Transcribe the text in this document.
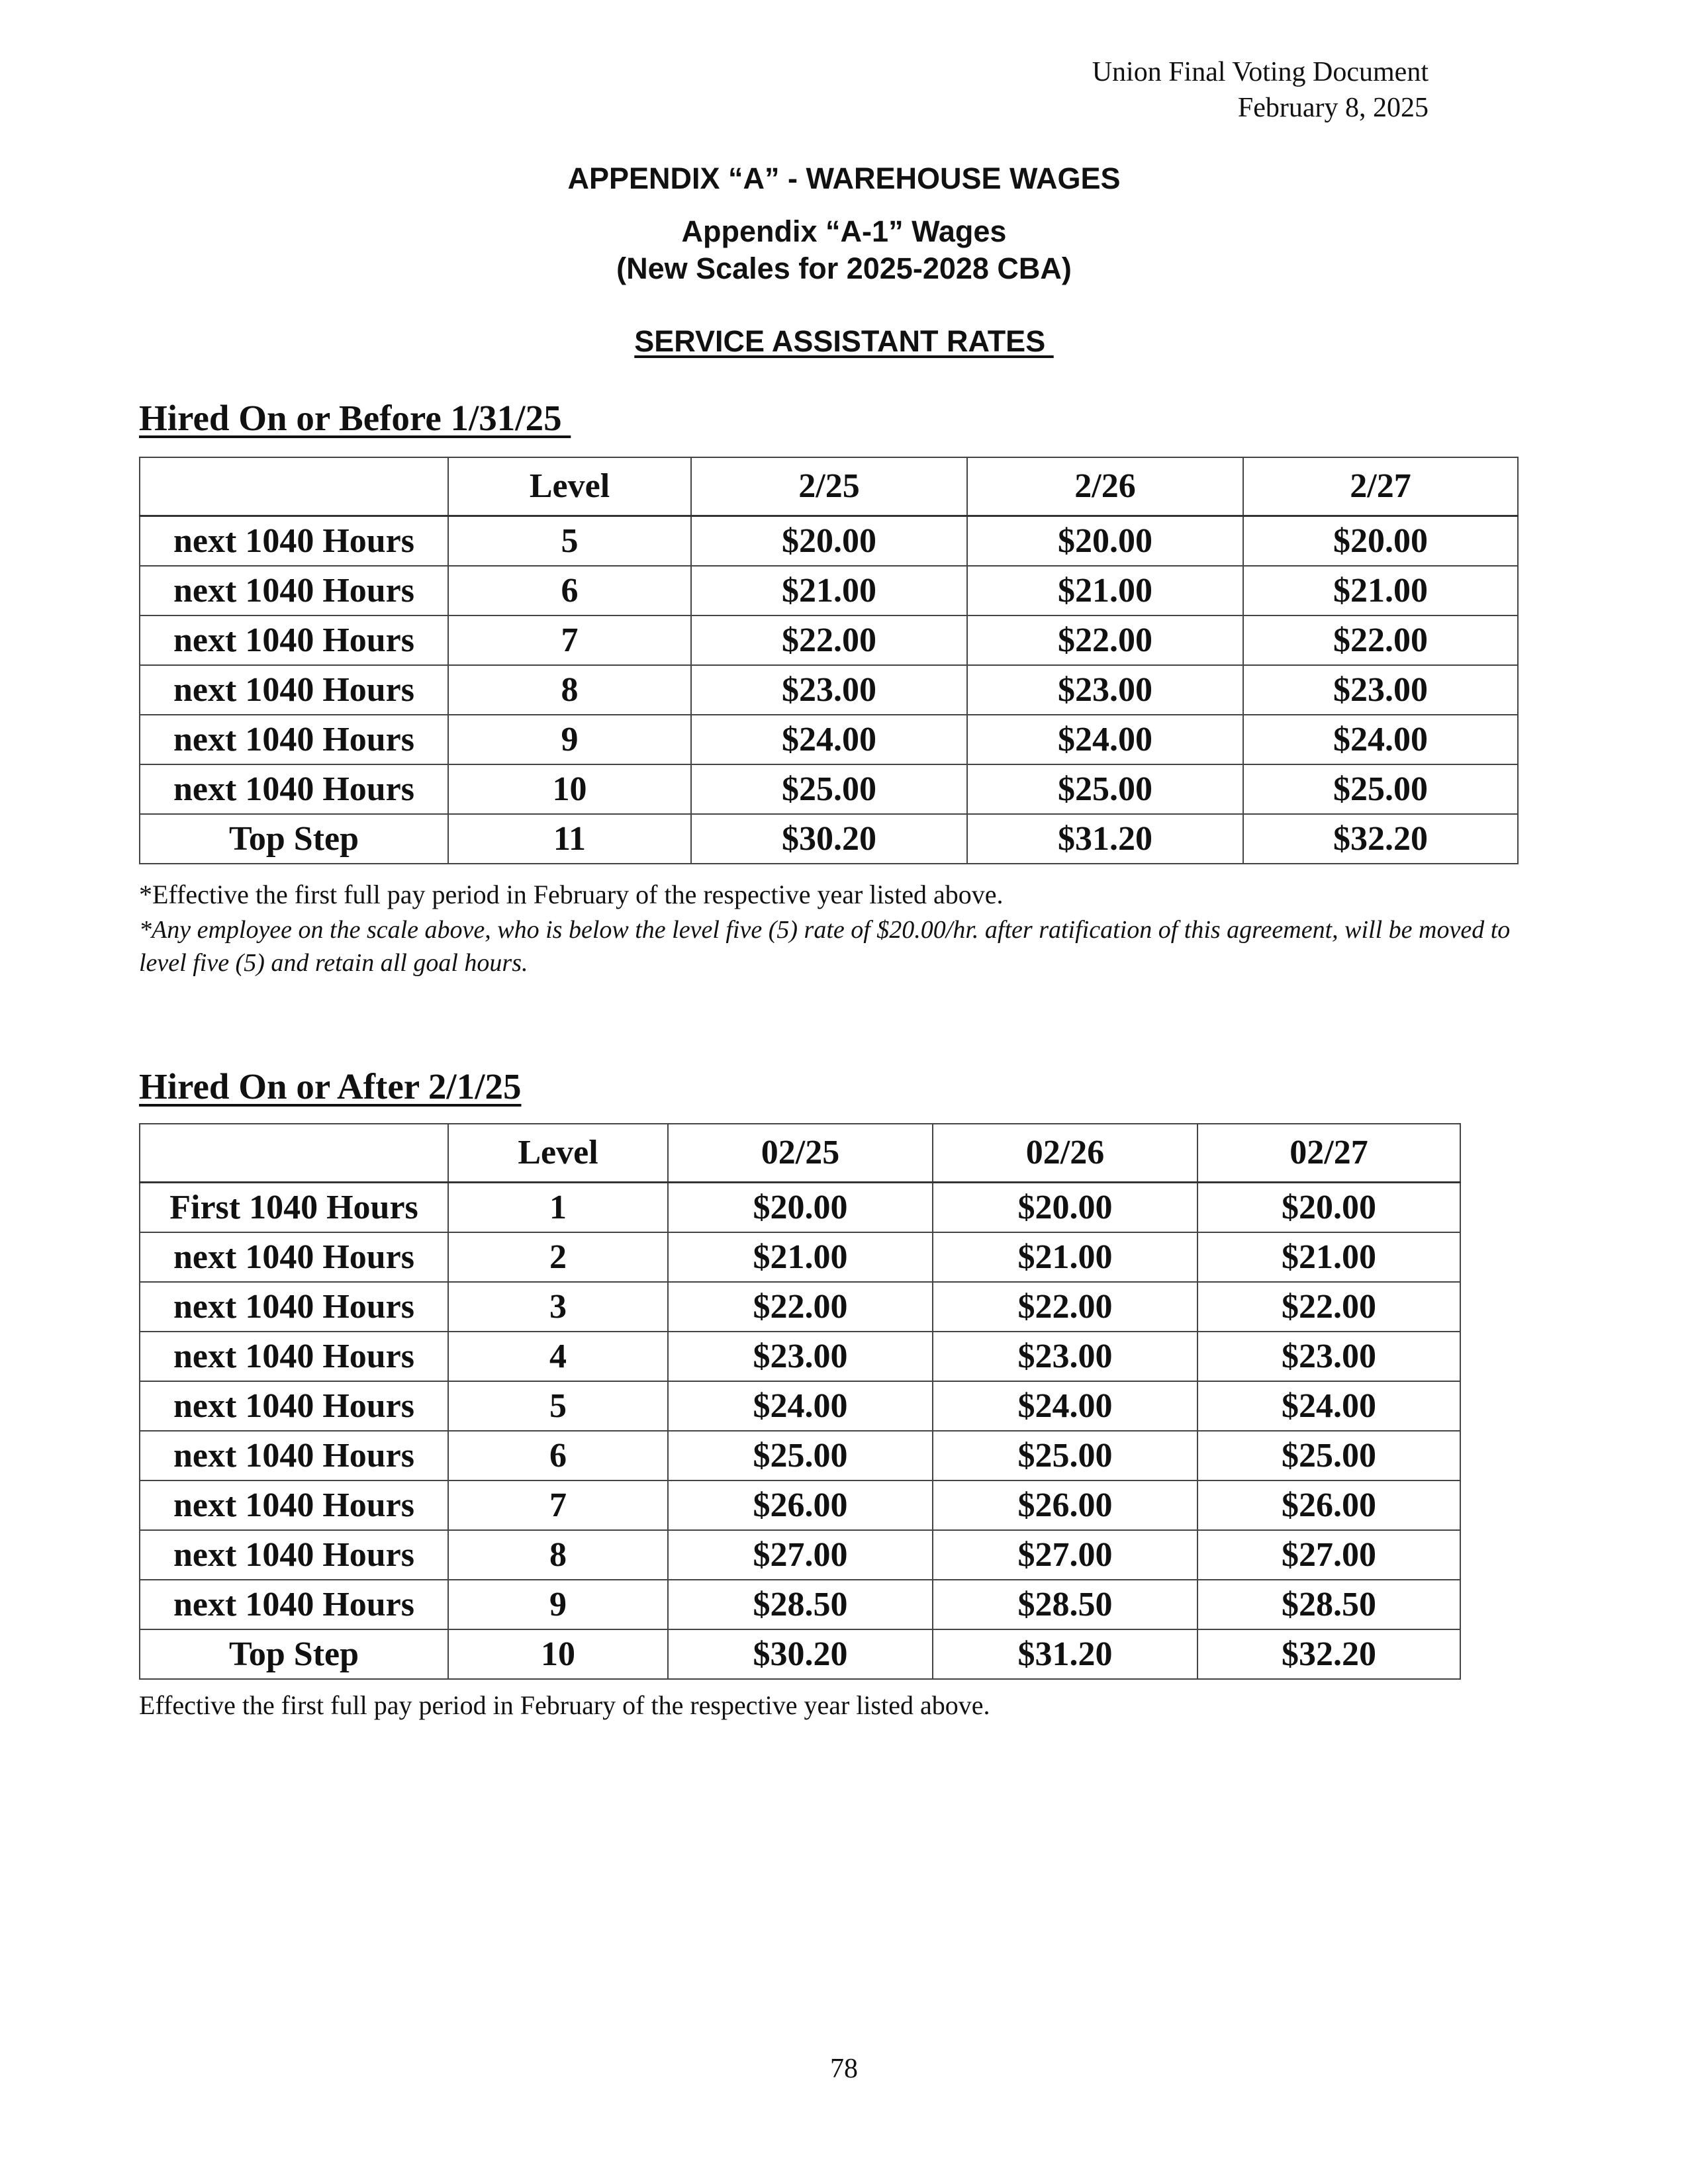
Union Final Voting Document
February 8, 2025
APPENDIX “A” - WAREHOUSE WAGES
Appendix “A-1” Wages
(New Scales for 2025-2028 CBA)
SERVICE ASSISTANT RATES
Hired On or Before 1/31/25
	Level	2/25	2/26	2/27
next 1040 Hours	5	$20.00	$20.00	$20.00
next 1040 Hours	6	$21.00	$21.00	$21.00
next 1040 Hours	7	$22.00	$22.00	$22.00
next 1040 Hours	8	$23.00	$23.00	$23.00
next 1040 Hours	9	$24.00	$24.00	$24.00
next 1040 Hours	10	$25.00	$25.00	$25.00
Top Step	11	$30.20	$31.20	$32.20
*Effective the first full pay period in February of the respective year listed above.
*Any employee on the scale above, who is below the level five (5) rate of $20.00/hr. after ratification of this agreement, will be moved to level five (5) and retain all goal hours.
Hired On or After 2/1/25
	Level	02/25	02/26	02/27
First 1040 Hours	1	$20.00	$20.00	$20.00
next 1040 Hours	2	$21.00	$21.00	$21.00
next 1040 Hours	3	$22.00	$22.00	$22.00
next 1040 Hours	4	$23.00	$23.00	$23.00
next 1040 Hours	5	$24.00	$24.00	$24.00
next 1040 Hours	6	$25.00	$25.00	$25.00
next 1040 Hours	7	$26.00	$26.00	$26.00
next 1040 Hours	8	$27.00	$27.00	$27.00
next 1040 Hours	9	$28.50	$28.50	$28.50
Top Step	10	$30.20	$31.20	$32.20
Effective the first full pay period in February of the respective year listed above.
78
